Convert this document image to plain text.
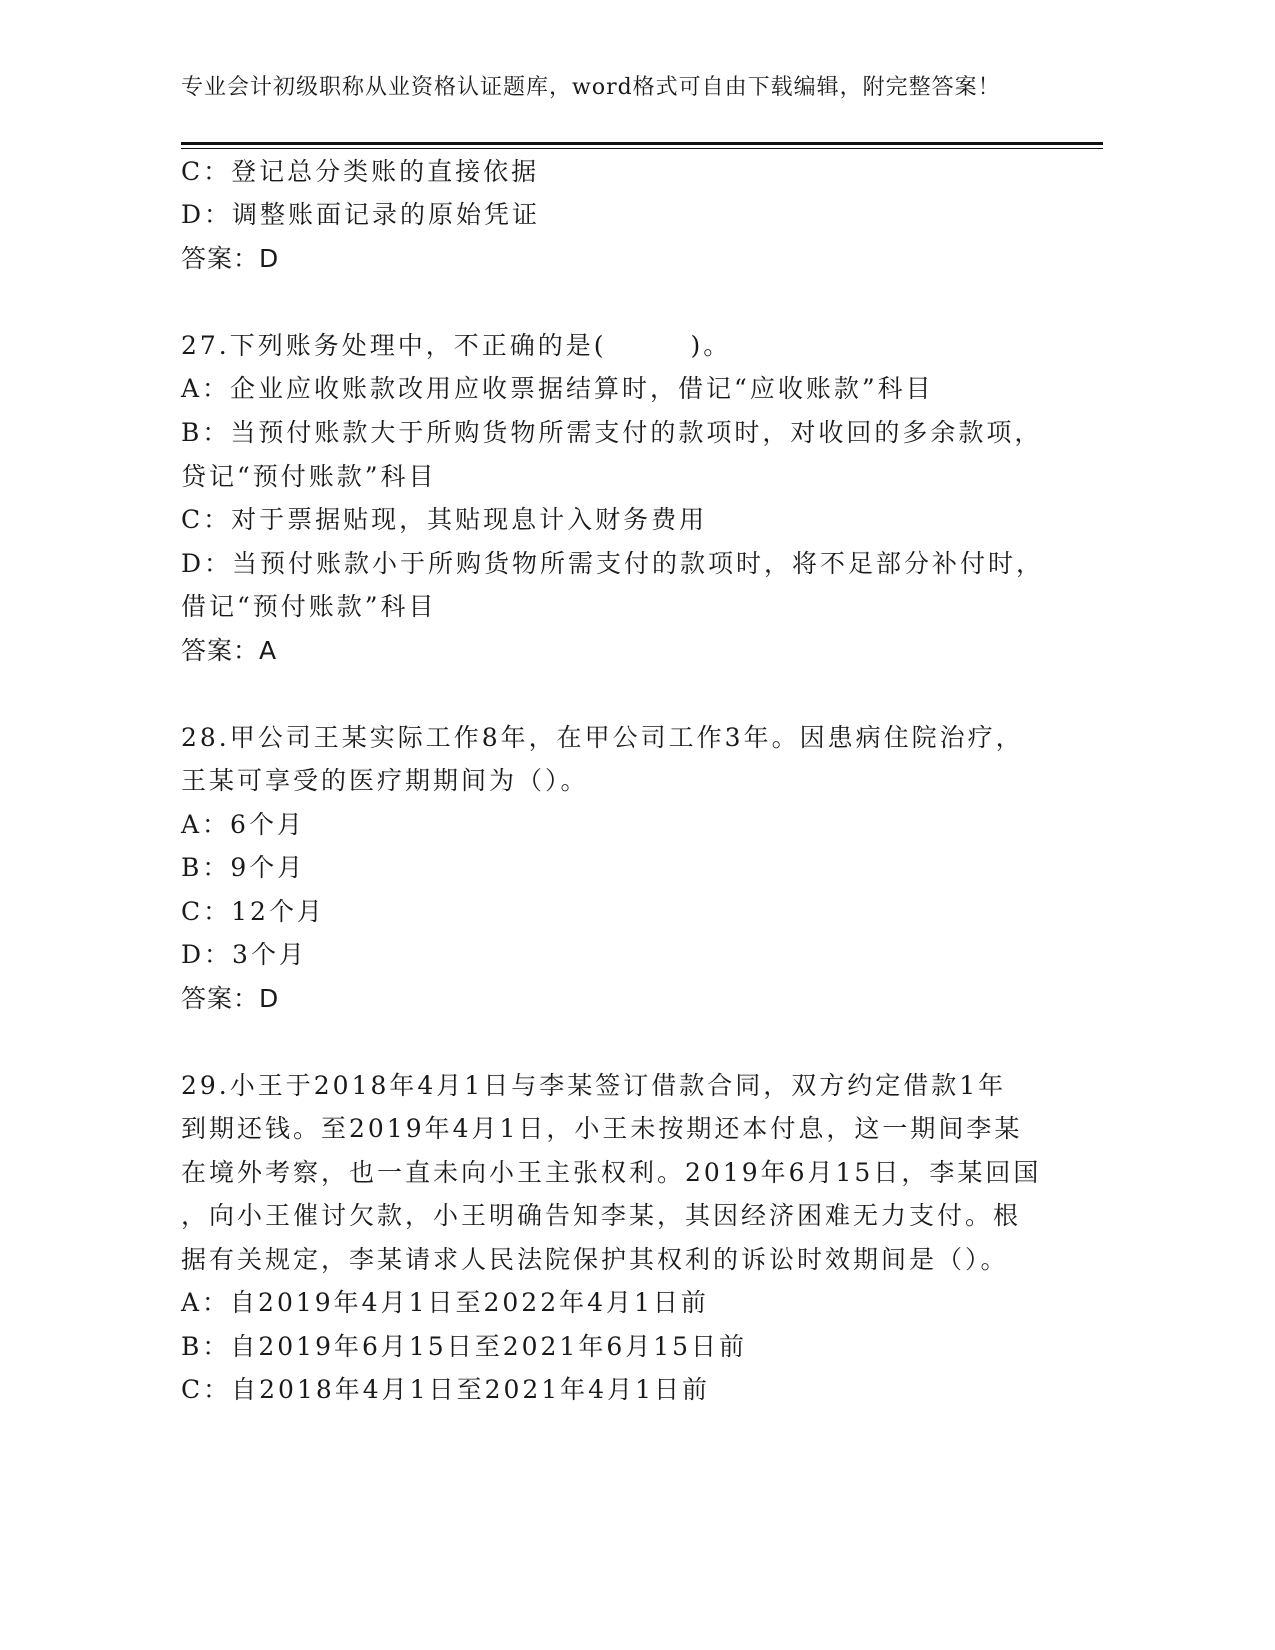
专业会计初级职称从业资格认证题库，word格式可自由下载编辑，附完整答案！
C：登记总分类账的直接依据
D：调整账面记录的原始凭证
答案：D
27.下列账务处理中，不正确的是(　　　)。
A：企业应收账款改用应收票据结算时，借记“应收账款”科目
B：当预付账款大于所购货物所需支付的款项时，对收回的多余款项，
贷记“预付账款”科目
C：对于票据贴现，其贴现息计入财务费用
D：当预付账款小于所购货物所需支付的款项时，将不足部分补付时，
借记“预付账款”科目
答案：A
28.甲公司王某实际工作8年，在甲公司工作3年。因患病住院治疗，
王某可享受的医疗期期间为（）。
A：6个月
B：9个月
C：12个月
D：3个月
答案：D
29.小王于2018年4月1日与李某签订借款合同，双方约定借款1年
到期还钱。至2019年4月1日，小王未按期还本付息，这一期间李某
在境外考察，也一直未向小王主张权利。2019年6月15日，李某回国
，向小王催讨欠款，小王明确告知李某，其因经济困难无力支付。根
据有关规定，李某请求人民法院保护其权利的诉讼时效期间是（）。
A：自2019年4月1日至2022年4月1日前
B：自2019年6月15日至2021年6月15日前
C：自2018年4月1日至2021年4月1日前
